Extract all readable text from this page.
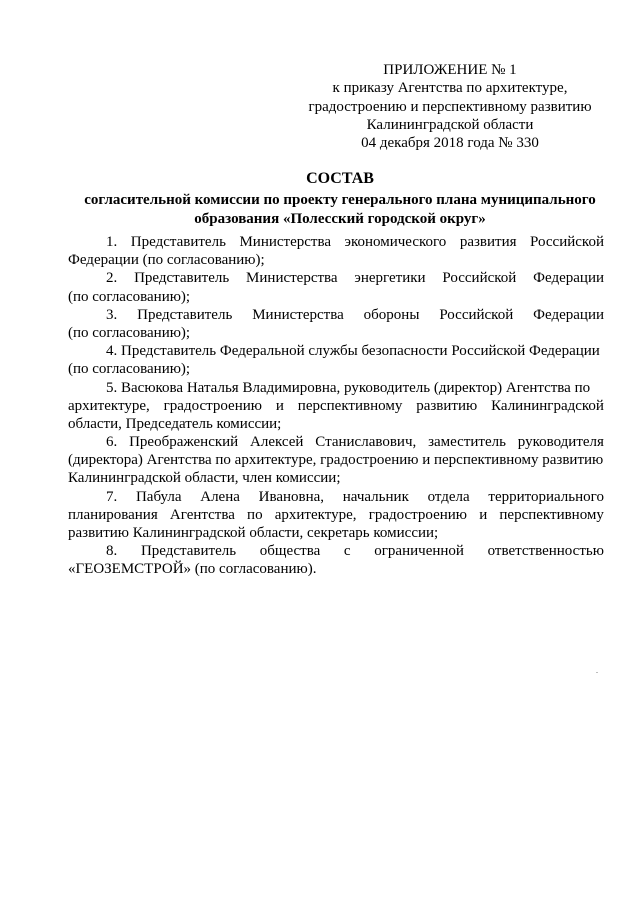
ПРИЛОЖЕНИЕ № 1
к приказу Агентства по архитектуре,
градостроению и перспективному развитию
Калининградской области
04 декабря 2018 года № 330
СОСТАВ
согласительной комиссии по проекту генерального плана муниципального
образования «Полесский городской округ»
1. Представитель Министерства экономического развития Российской
Федерации (по согласованию);
2. Представитель Министерства энергетики Российской Федерации
(по согласованию);
3. Представитель Министерства обороны Российской Федерации
(по согласованию);
4. Представитель Федеральной службы безопасности Российской Федерации
(по согласованию);
5. Васюкова Наталья Владимировна, руководитель (директор) Агентства по
архитектуре, градостроению и перспективному развитию Калининградской
области, Председатель комиссии;
6. Преображенский Алексей Станиславович, заместитель руководителя
(директора) Агентства по архитектуре, градостроению и перспективному развитию
Калининградской области, член комиссии;
7. Пабула Алена Ивановна, начальник отдела территориального
планирования Агентства по архитектуре, градостроению и перспективному
развитию Калининградской области, секретарь комиссии;
8. Представитель общества с ограниченной ответственностью
«ГЕОЗЕМСТРОЙ» (по согласованию).
